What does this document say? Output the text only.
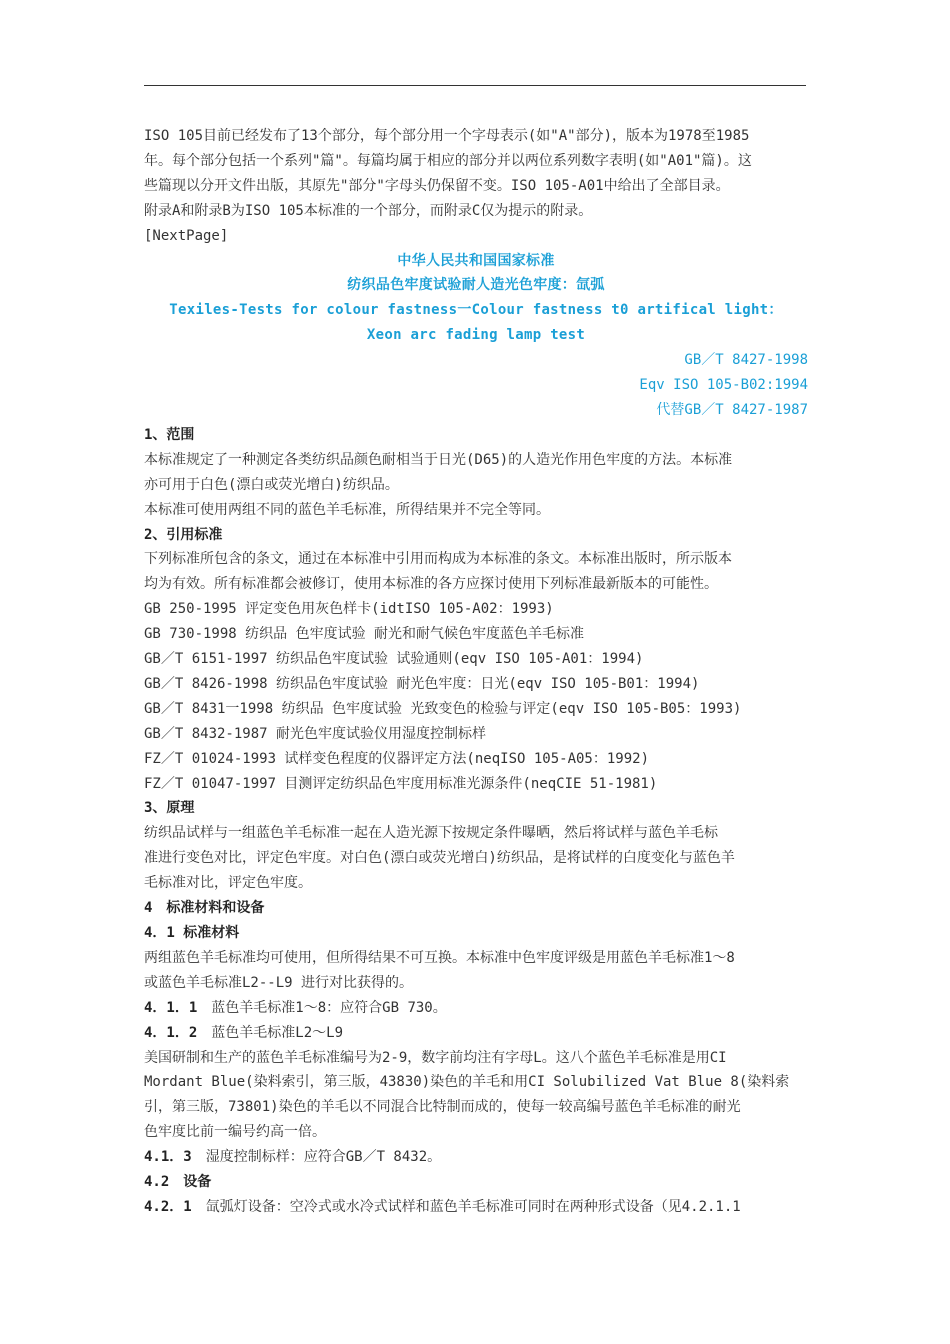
ISO 105目前已经发布了13个部分，每个部分用一个字母表示(如"A"部分)，版本为1978至1985

年。每个部分包括一个系列"篇"。每篇均属于相应的部分并以两位系列数字表明(如"A01"篇)。这

些篇现以分开文件出版，其原先"部分"字母头仍保留不变。ISO 105-A01中给出了全部目录。

附录A和附录B为ISO 105本标准的一个部分，而附录C仅为提示的附录。

[NextPage]

中华人民共和国国家标准

纺织品色牢度试验耐人造光色牢度：氙弧

Texiles-Tests for colour fastness一Colour fastness t0 artifical light：

Xeon arc fading lamp test

GB／T 8427-1998

Eqv ISO 105-B02:1994

代替GB／T 8427-1987

1、范围

本标准规定了一种测定各类纺织品颜色耐相当于日光(D65)的人造光作用色牢度的方法。本标准

亦可用于白色(漂白或荧光增白)纺织品。

本标准可使用两组不同的蓝色羊毛标准，所得结果并不完全等同。

2、引用标准

下列标准所包含的条文，通过在本标准中引用而构成为本标准的条文。本标准出版时，所示版本

均为有效。所有标准都会被修订，使用本标准的各方应探讨使用下列标准最新版本的可能性。

GB 250-1995 评定变色用灰色样卡(idtISO 105-A02：1993)

GB 730-1998 纺织品 色牢度试验 耐光和耐气候色牢度蓝色羊毛标准

GB／T 6151-1997 纺织品色牢度试验 试验通则(eqv ISO 105-A01：1994)

GB／T 8426-1998 纺织品色牢度试验 耐光色牢度：日光(eqv ISO 105-B01：1994)

GB／T 8431一1998 纺织品 色牢度试验 光致变色的检验与评定(eqv ISO 105-B05：1993)

GB／T 8432-1987 耐光色牢度试验仪用湿度控制标样

FZ／T 01024-1993 试样变色程度的仪器评定方法(neqISO 105-A05：1992)

FZ／T 01047-1997 目测评定纺织品色牢度用标准光源条件(neqCIE 51-1981)

3、原理

纺织品试样与一组蓝色羊毛标准一起在人造光源下按规定条件曝晒，然后将试样与蓝色羊毛标

准进行变色对比，评定色牢度。对白色(漂白或荧光增白)纺织品，是将试样的白度变化与蓝色羊

毛标准对比，评定色牢度。

4　标准材料和设备

4．1 标准材料

两组蓝色羊毛标准均可使用，但所得结果不可互换。本标准中色牢度评级是用蓝色羊毛标准1～8

或蓝色羊毛标准L2--L9 进行对比获得的。

4．1．1　蓝色羊毛标准1～8：应符合GB 730。

4．1．2　蓝色羊毛标准L2～L9

美国研制和生产的蓝色羊毛标准编号为2-9，数字前均注有字母L。这八个蓝色羊毛标准是用CI

Mordant Blue(染料索引，第三版，43830)染色的羊毛和用CI Solubilized Vat Blue 8(染料索

引，第三版，73801)染色的羊毛以不同混合比特制而成的，使每一较高编号蓝色羊毛标准的耐光

色牢度比前一编号约高一倍。

4.1．3　湿度控制标样：应符合GB／T 8432。

4.2　设备

4.2．1　氙弧灯设备：空冷式或水冷式试样和蓝色羊毛标准可同时在两种形式设备（见4.2.1.1
